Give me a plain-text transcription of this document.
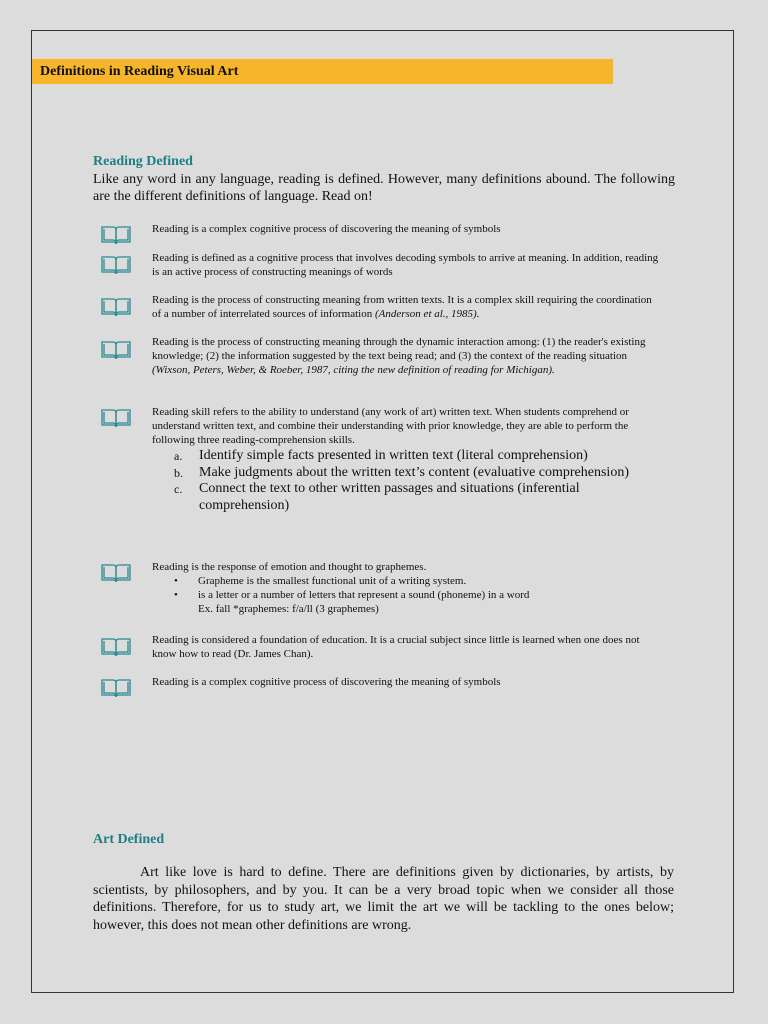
Definitions in Reading Visual Art
Reading Defined
Like any word in any language, reading is defined. However, many definitions abound. The following are the different definitions of language. Read on!
Reading is a complex cognitive process of discovering the meaning of symbols
Reading is defined as a cognitive process that involves decoding symbols to arrive at meaning. In addition, reading is an active process of constructing meanings of words
Reading is the process of constructing meaning from written texts. It is a complex skill requiring the coordination of a number of interrelated sources of information (Anderson et al., 1985).
Reading is the process of constructing meaning through the dynamic interaction among: (1) the reader's existing knowledge; (2) the information suggested by the text being read; and (3) the context of the reading situation (Wixson, Peters, Weber, & Roeber, 1987, citing the new definition of reading for Michigan).
Reading skill refers to the ability to understand (any work of art) written text. When students comprehend or understand written text, and combine their understanding with prior knowledge, they are able to perform the following three reading-comprehension skills.
a. Identify simple facts presented in written text (literal comprehension)
b. Make judgments about the written text’s content (evaluative comprehension)
c. Connect the text to other written passages and situations (inferential comprehension)
Reading is the response of emotion and thought to graphemes.
• Grapheme is the smallest functional unit of a writing system.
• is a letter or a number of letters that represent a sound (phoneme) in a word
Ex. fall *graphemes: f/a/ll (3 graphemes)
Reading is considered a foundation of education. It is a crucial subject since little is learned when one does not know how to read (Dr. James Chan).
Reading is a complex cognitive process of discovering the meaning of symbols
Art Defined
Art like love is hard to define. There are definitions given by dictionaries, by artists, by scientists, by philosophers, and by you. It can be a very broad topic when we consider all those definitions. Therefore, for us to study art, we limit the art we will be tackling to the ones below; however, this does not mean other definitions are wrong.
